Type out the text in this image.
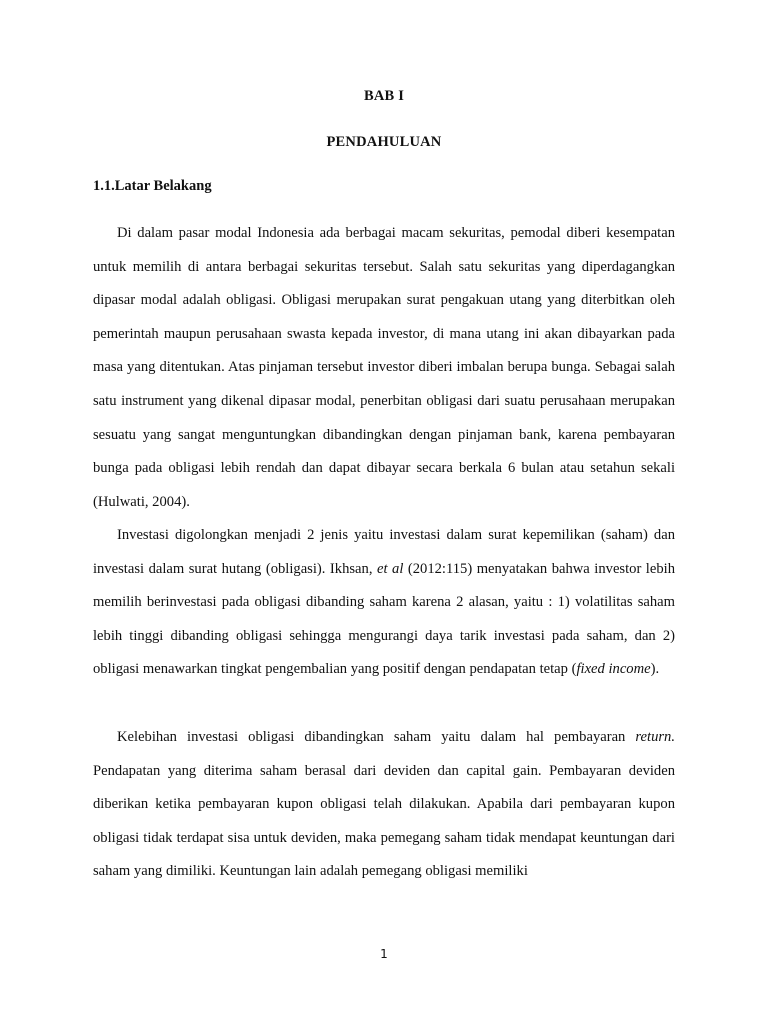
BAB I
PENDAHULUAN
1.1.Latar Belakang

Di dalam pasar modal Indonesia ada berbagai macam sekuritas, pemodal diberi kesempatan untuk memilih di antara berbagai sekuritas tersebut. Salah satu sekuritas yang diperdagangkan dipasar modal adalah obligasi. Obligasi merupakan surat pengakuan utang yang diterbitkan oleh pemerintah maupun perusahaan swasta kepada investor, di mana utang ini akan dibayarkan pada masa yang ditentukan. Atas pinjaman tersebut investor diberi imbalan berupa bunga. Sebagai salah satu instrument yang dikenal dipasar modal, penerbitan obligasi dari suatu perusahaan merupakan sesuatu yang sangat menguntungkan dibandingkan dengan pinjaman bank, karena pembayaran bunga pada obligasi lebih rendah dan dapat dibayar secara berkala 6 bulan atau setahun sekali (Hulwati, 2004).

Investasi digolongkan menjadi 2 jenis yaitu investasi dalam surat kepemilikan (saham) dan investasi dalam surat hutang (obligasi). Ikhsan, et al (2012:115) menyatakan bahwa investor lebih memilih berinvestasi pada obligasi dibanding saham karena 2 alasan, yaitu : 1) volatilitas saham lebih tinggi dibanding obligasi sehingga mengurangi daya tarik investasi pada saham, dan 2) obligasi menawarkan tingkat pengembalian yang positif dengan pendapatan tetap (fixed income).

Kelebihan investasi obligasi dibandingkan saham yaitu dalam hal pembayaran return. Pendapatan yang diterima saham berasal dari deviden dan capital gain. Pembayaran deviden diberikan ketika pembayaran kupon obligasi telah dilakukan. Apabila dari pembayaran kupon obligasi tidak terdapat sisa untuk deviden, maka pemegang saham tidak mendapat keuntungan dari saham yang dimiliki. Keuntungan lain adalah pemegang obligasi memiliki

1
